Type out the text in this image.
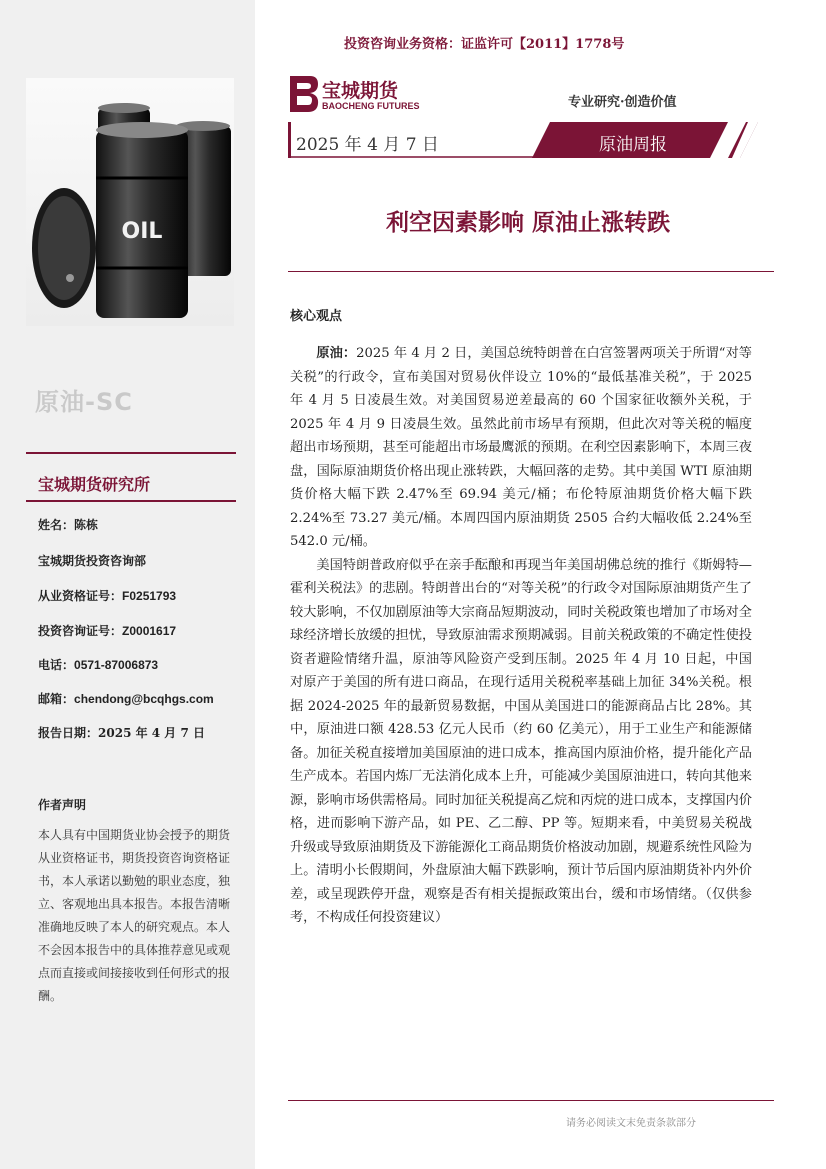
OIL
原油-SC
宝城期货研究所
姓名：陈栋
宝城期货投资咨询部
从业资格证号：F0251793
投资咨询证号：Z0001617
电话：0571-87006873
邮箱：chendong@bcqhgs.com
报告日期：2025 年 4 月 7 日
作者声明
本人具有中国期货业协会授予的期货从业资格证书，期货投资咨询资格证书，本人承诺以勤勉的职业态度，独立、客观地出具本报告。本报告清晰准确地反映了本人的研究观点。本人不会因本报告中的具体推荐意见或观点而直接或间接接收到任何形式的报酬。
投资咨询业务资格：证监许可【2011】1778号
宝城期货
BAOCHENG FUTURES	专业研究·创造价值
2025 年 4 月 7 日	原油周报
利空因素影响 原油止涨转跌
核心观点

原油：2025 年 4 月 2 日，美国总统特朗普在白宫签署两项关于所谓“对等关税”的行政令，宣布美国对贸易伙伴设立 10%的“最低基准关税”，于 2025 年 4 月 5 日凌晨生效。对美国贸易逆差最高的 60 个国家征收额外关税，于 2025 年 4 月 9 日凌晨生效。虽然此前市场早有预期，但此次对等关税的幅度超出市场预期，甚至可能超出市场最鹰派的预期。在利空因素影响下，本周三夜盘，国际原油期货价格出现止涨转跌，大幅回落的走势。其中美国 WTI 原油期货价格大幅下跌 2.47%至 69.94 美元/桶；布伦特原油期货价格大幅下跌 2.24%至 73.27 美元/桶。本周四国内原油期货 2505 合约大幅收低 2.24%至 542.0 元/桶。

美国特朗普政府似乎在亲手酝酿和再现当年美国胡佛总统的推行《斯姆特—霍利关税法》的悲剧。特朗普出台的“对等关税”的行政令对国际原油期货产生了较大影响，不仅加剧原油等大宗商品短期波动，同时关税政策也增加了市场对全球经济增长放缓的担忧，导致原油需求预期减弱。目前关税政策的不确定性使投资者避险情绪升温，原油等风险资产受到压制。2025 年 4 月 10 日起，中国对原产于美国的所有进口商品，在现行适用关税税率基础上加征 34%关税。根据 2024-2025 年的最新贸易数据，中国从美国进口的能源商品占比 28%。其中，原油进口额 428.53 亿元人民币（约 60 亿美元），用于工业生产和能源储备。加征关税直接增加美国原油的进口成本，推高国内原油价格，提升能化产品生产成本。若国内炼厂无法消化成本上升，可能减少美国原油进口，转向其他来源，影响市场供需格局。同时加征关税提高乙烷和丙烷的进口成本，支撑国内价格，进而影响下游产品，如 PE、乙二醇、PP 等。短期来看，中美贸易关税战升级或导致原油期货及下游能源化工商品期货价格波动加剧，规避系统性风险为上。清明小长假期间，外盘原油大幅下跌影响，预计节后国内原油期货补内外价差，或呈现跌停开盘，观察是否有相关提振政策出台，缓和市场情绪。（仅供参考，不构成任何投资建议）

请务必阅读文末免责条款部分
